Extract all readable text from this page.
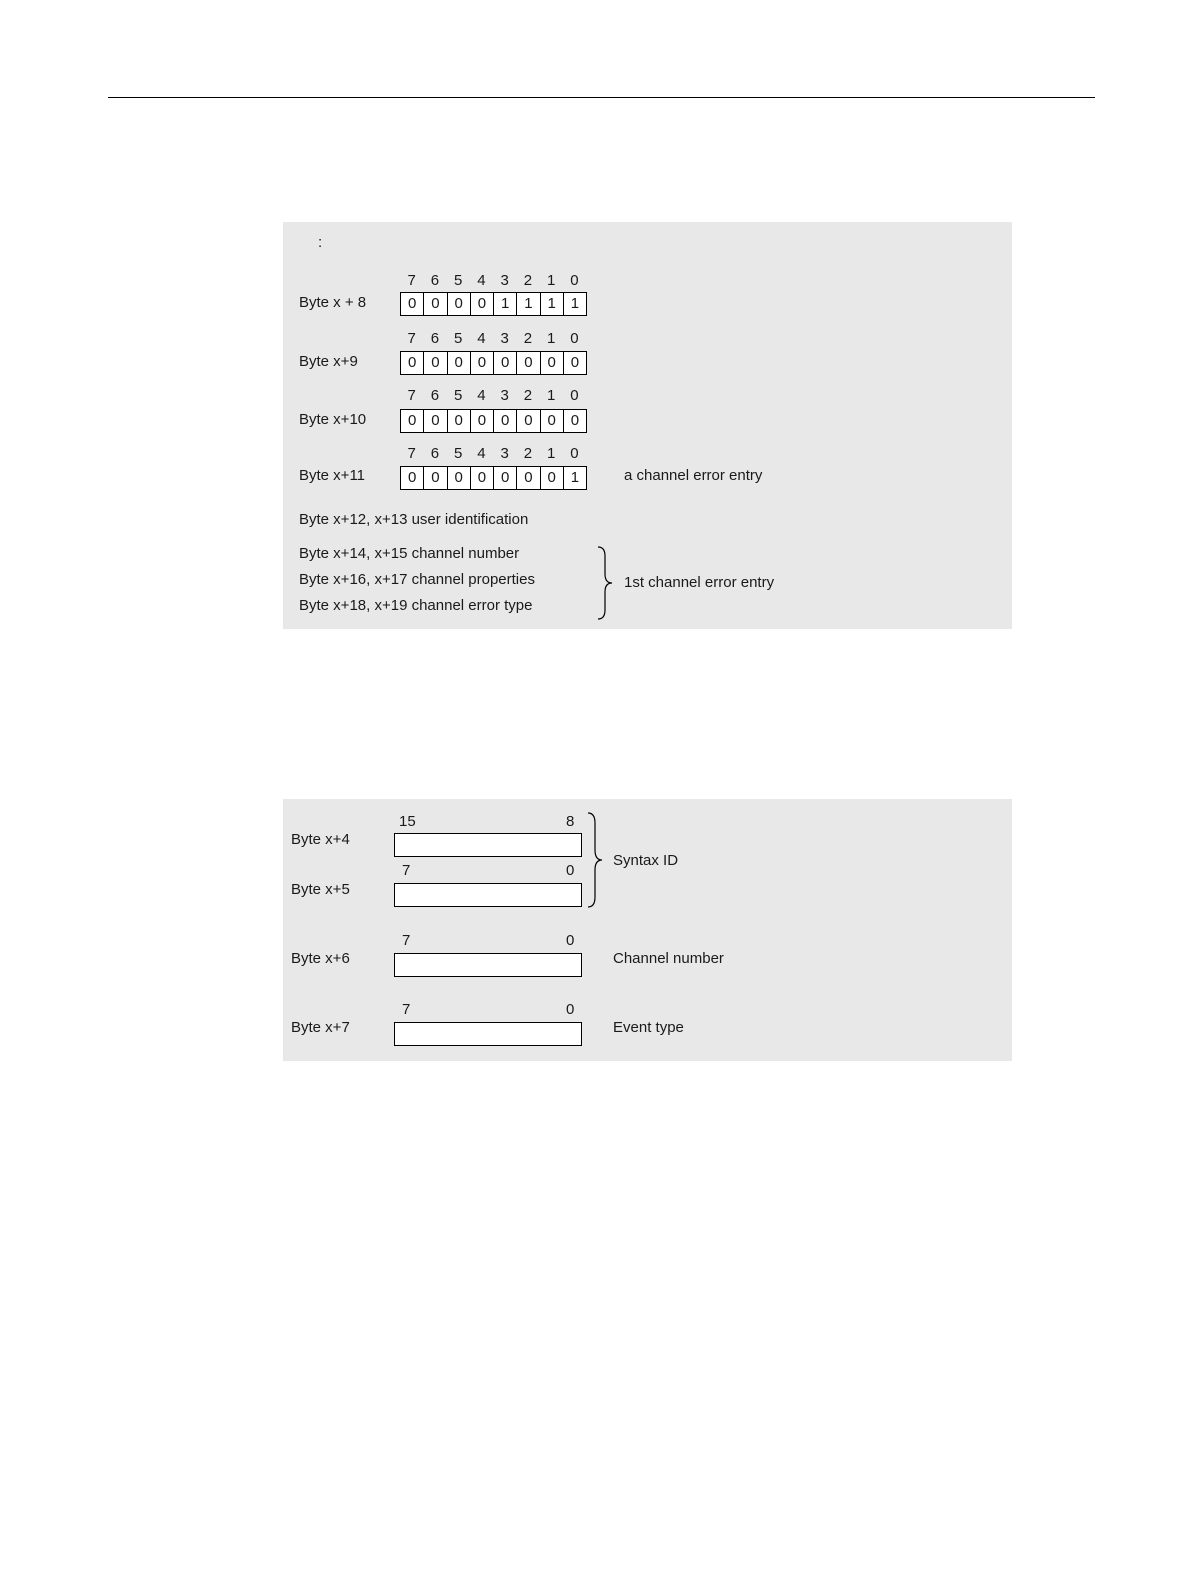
:
7 6 5 4 3 2 1 0
Byte x + 8	0 0 0 0 1 1 1 1
7 6 5 4 3 2 1 0
Byte x+9	0 0 0 0 0 0 0 0
7 6 5 4 3 2 1 0
Byte x+10	0 0 0 0 0 0 0 0
7 6 5 4 3 2 1 0
Byte x+11	0 0 0 0 0 0 0 1	a channel error entry
Byte x+12, x+13 user identification
Byte x+14, x+15 channel number
Byte x+16, x+17 channel properties
Byte x+18, x+19 channel error type
1st channel error entry
15	8
Byte x+4
7	0
Byte x+5
Syntax ID
7	0
Byte x+6	Channel number
7	0
Byte x+7	Event type
